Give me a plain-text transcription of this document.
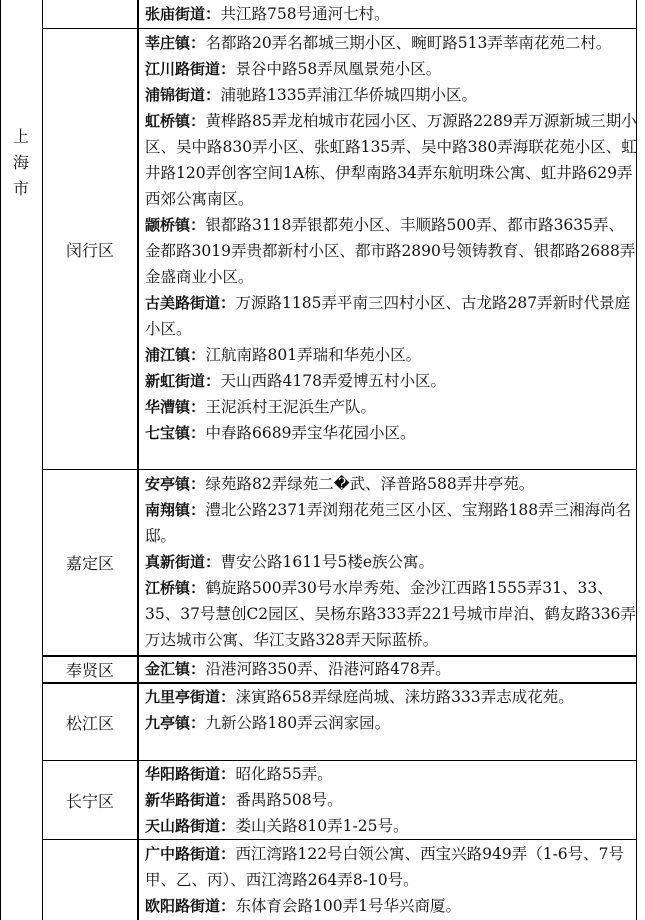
上海市
闵行区
嘉定区
奉贤区
松江区
长宁区

张庙街道：共江路758号通河七村。

莘庄镇：名都路20弄名都城三期小区、畹町路513弄莘南花苑二村。

江川路街道：景谷中路58弄凤凰景苑小区。

浦锦街道：浦驰路1335弄浦江华侨城四期小区。

虹桥镇：黄桦路85弄龙柏城市花园小区、万源路2289弄万源新城三期小区、吴中路830弄小区、张虹路135弄、吴中路380弄海联花苑小区、虹井路120弄创客空间1A栋、伊犁南路34弄东航明珠公寓、虹井路629弄西郊公寓南区。

颛桥镇：银都路3118弄银都苑小区、丰顺路500弄、都市路3635弄、金都路3019弄贵都新村小区、都市路2890号领铸教育、银都路2688弄金盛商业小区。

古美路街道：万源路1185弄平南三四村小区、古龙路287弄新时代景庭小区。

浦江镇：江航南路801弄瑞和华苑小区。

新虹街道：天山西路4178弄爱博五村小区。

华漕镇：王泥浜村王泥浜生产队。

七宝镇：中春路6689弄宝华花园小区。

安亭镇：绿苑路82弄绿苑二�武、泽普路588弄井亭苑。

南翔镇：澧北公路2371弄浏翔花苑三区小区、宝翔路188弄三湘海尚名邸。

真新街道：曹安公路1611号5楼e族公寓。

江桥镇：鹤旋路500弄30号水岸秀苑、金沙江西路1555弄31、33、35、37号慧创C2园区、吴杨东路333弄221号城市岸泊、鹤友路336弄万达城市公寓、华江支路328弄天际蓝桥。

金汇镇：沿港河路350弄、沿港河路478弄。

九里亭街道：涞寅路658弄绿庭尚城、涞坊路333弄志成花苑。

九亭镇：九新公路180弄云润家园。

华阳路街道：昭化路55弄。

新华路街道：番禺路508号。

天山路街道：娄山关路810弄1-25号。

广中路街道：西江湾路122号白领公寓、西宝兴路949弄（1-6号、7号甲、乙、丙）、西江湾路264弄8-10号。

欧阳路街道：东体育会路100弄1号华兴商厦。
